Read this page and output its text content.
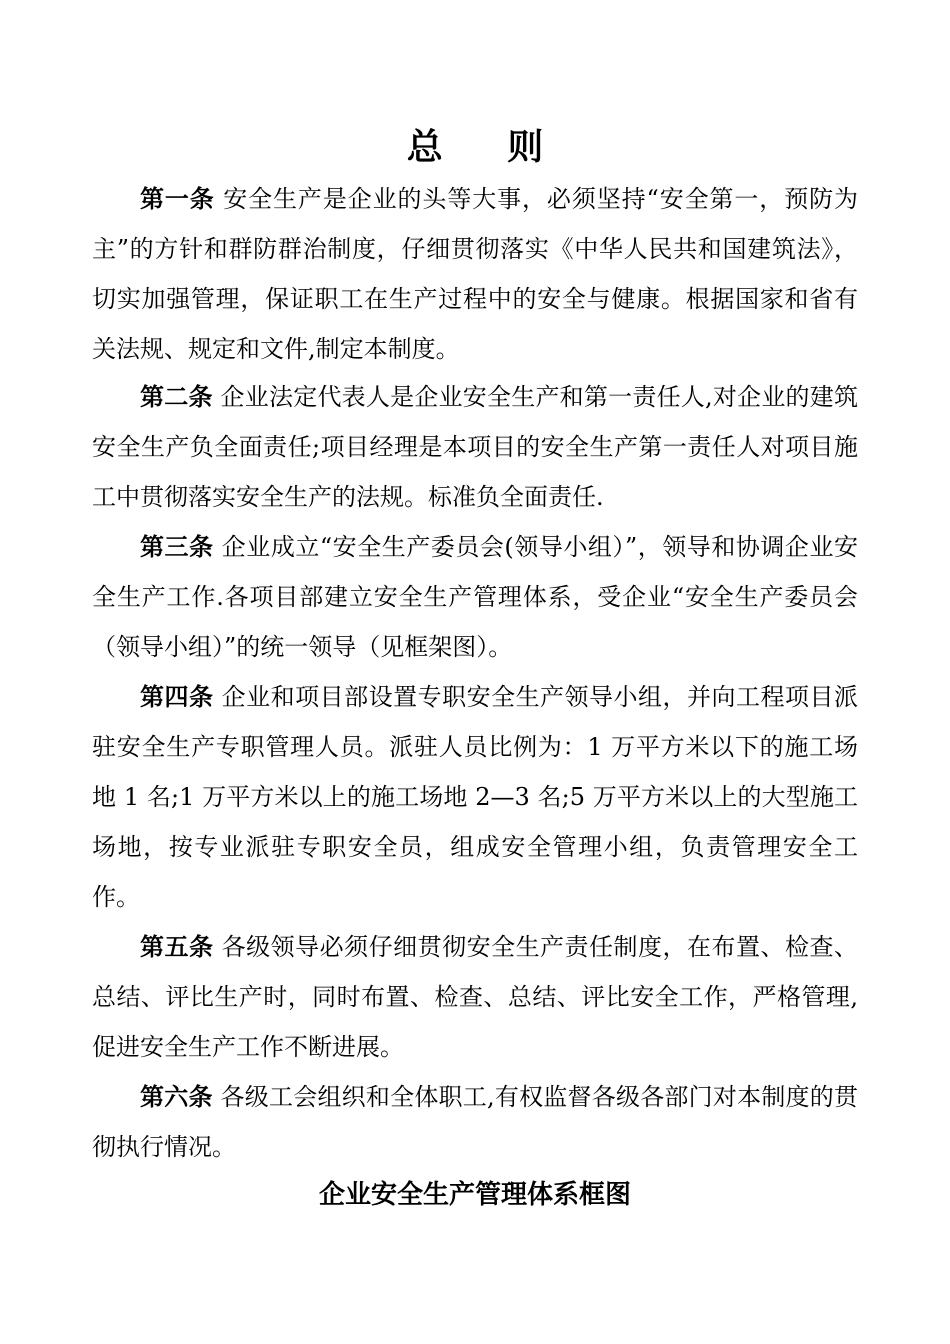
总 则

第一条 安全生产是企业的头等大事，必须坚持“安全第一，预防为主”的方针和群防群治制度，仔细贯彻落实《中华人民共和国建筑法》，切实加强管理，保证职工在生产过程中的安全与健康。根据国家和省有关法规、规定和文件,制定本制度。

第二条 企业法定代表人是企业安全生产和第一责任人,对企业的建筑安全生产负全面责任;项目经理是本项目的安全生产第一责任人对项目施工中贯彻落实安全生产的法规。标准负全面责任.

第三条 企业成立“安全生产委员会(领导小组）”，领导和协调企业安全生产工作.各项目部建立安全生产管理体系，受企业“安全生产委员会（领导小组）”的统一领导（见框架图）。

第四条 企业和项目部设置专职安全生产领导小组，并向工程项目派驻安全生产专职管理人员。派驻人员比例为：1 万平方米以下的施工场地 1 名;1 万平方米以上的施工场地 2—3 名;5 万平方米以上的大型施工场地，按专业派驻专职安全员，组成安全管理小组，负责管理安全工作。

第五条 各级领导必须仔细贯彻安全生产责任制度，在布置、检查、总结、评比生产时，同时布置、检查、总结、评比安全工作，严格管理,促进安全生产工作不断进展。

第六条 各级工会组织和全体职工,有权监督各级各部门对本制度的贯彻执行情况。

企业安全生产管理体系框图
